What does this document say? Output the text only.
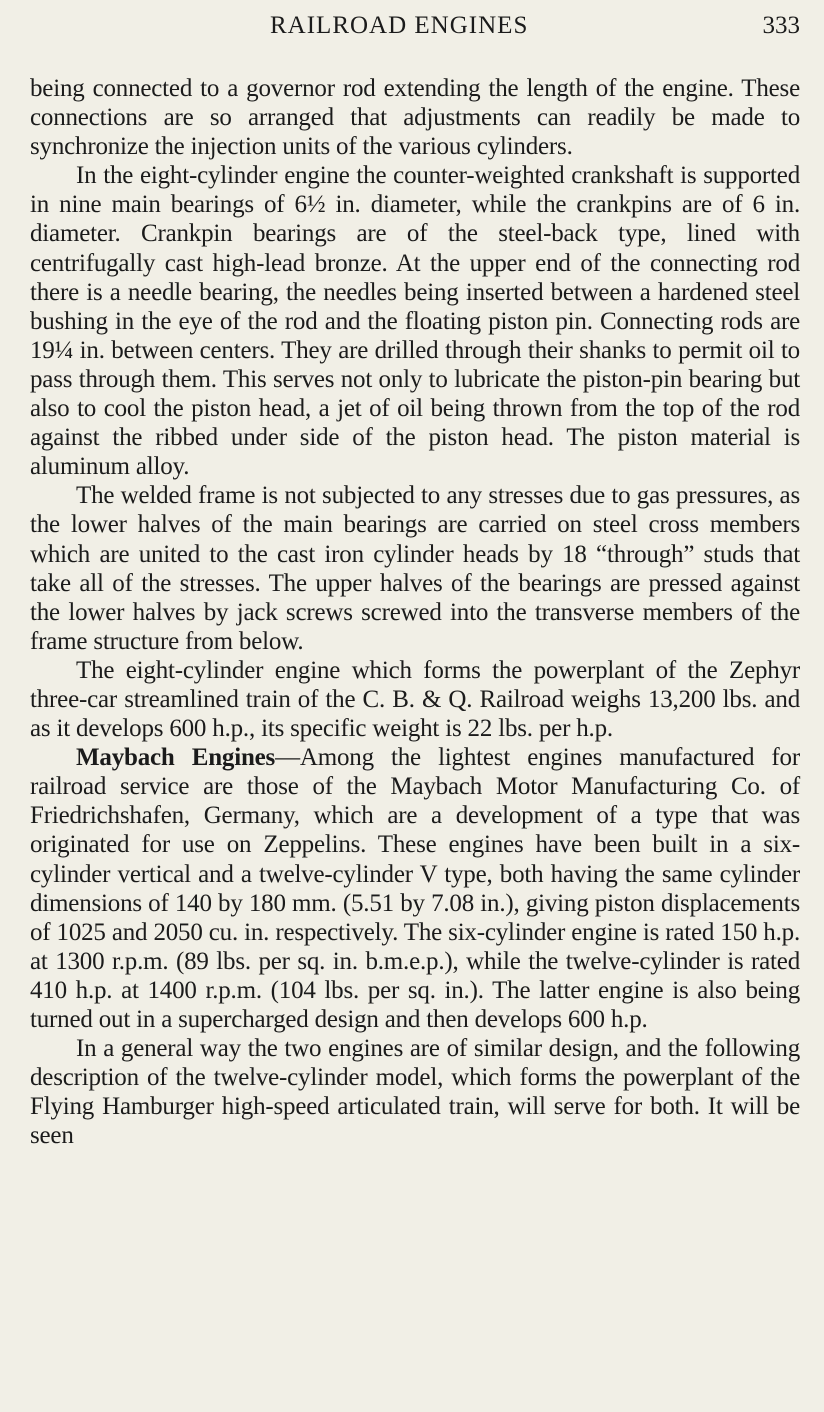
RAILROAD ENGINES	333

being connected to a governor rod extending the length of the engine. These connections are so arranged that adjustments can readily be made to synchronize the injection units of the various cylinders.

In the eight-cylinder engine the counter-weighted crankshaft is supported in nine main bearings of 6½ in. diameter, while the crankpins are of 6 in. diameter. Crankpin bearings are of the steel-back type, lined with centrifugally cast high-lead bronze. At the upper end of the connecting rod there is a needle bearing, the needles being inserted between a hardened steel bushing in the eye of the rod and the floating piston pin. Connecting rods are 19¼ in. between centers. They are drilled through their shanks to permit oil to pass through them. This serves not only to lubricate the piston-pin bearing but also to cool the piston head, a jet of oil being thrown from the top of the rod against the ribbed under side of the piston head. The piston material is aluminum alloy.

The welded frame is not subjected to any stresses due to gas pressures, as the lower halves of the main bearings are carried on steel cross members which are united to the cast iron cylinder heads by 18 “through” studs that take all of the stresses. The upper halves of the bearings are pressed against the lower halves by jack screws screwed into the transverse members of the frame structure from below.

The eight-cylinder engine which forms the powerplant of the Zephyr three-car streamlined train of the C. B. & Q. Railroad weighs 13,200 lbs. and as it develops 600 h.p., its specific weight is 22 lbs. per h.p.

Maybach Engines—Among the lightest engines manufactured for railroad service are those of the Maybach Motor Manufacturing Co. of Friedrichshafen, Germany, which are a development of a type that was originated for use on Zeppelins. These engines have been built in a six-cylinder vertical and a twelve-cylinder V type, both having the same cylinder dimensions of 140 by 180 mm. (5.51 by 7.08 in.), giving piston displacements of 1025 and 2050 cu. in. respectively. The six-cylinder engine is rated 150 h.p. at 1300 r.p.m. (89 lbs. per sq. in. b.m.e.p.), while the twelve-cylinder is rated 410 h.p. at 1400 r.p.m. (104 lbs. per sq. in.). The latter engine is also being turned out in a supercharged design and then develops 600 h.p.

In a general way the two engines are of similar design, and the following description of the twelve-cylinder model, which forms the powerplant of the Flying Hamburger high-speed articulated train, will serve for both. It will be seen
